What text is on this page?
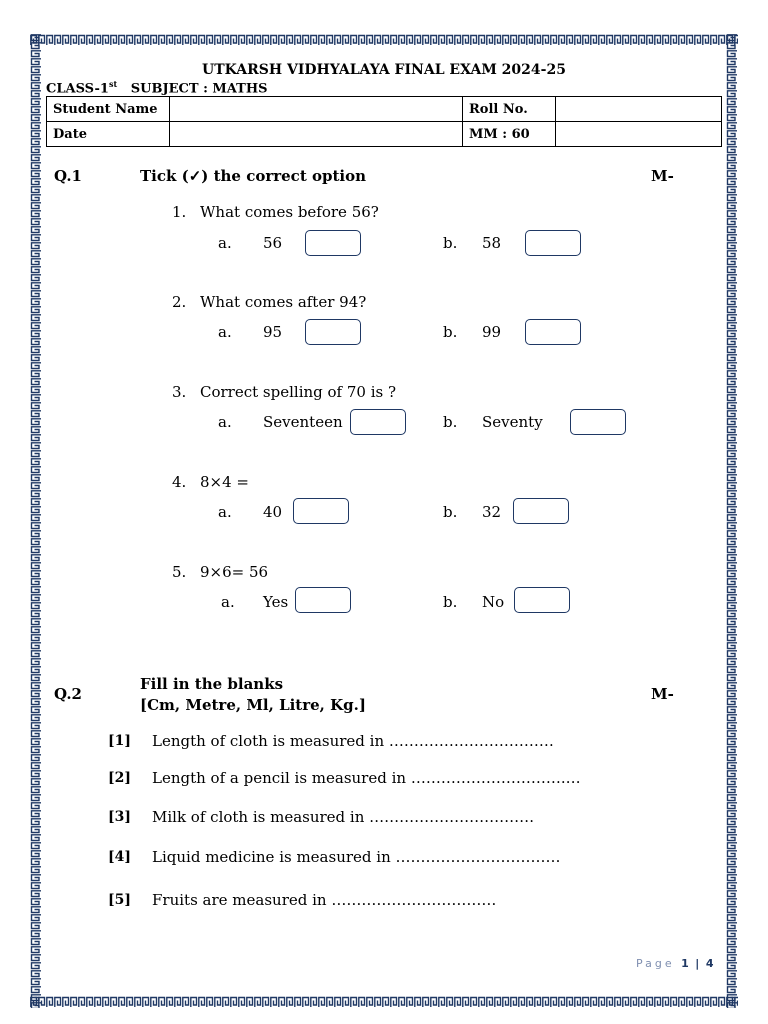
UTKARSH VIDHYALAYA FINAL EXAM 2024-25
CLASS-1st SUBJECT : MATHS
Student Name		Roll No.	
Date		MM : 60	
Q.1	Tick (✓) the correct option	M-
1. What comes before 56?
a. 56	b. 58
2. What comes after 94?
a. 95	b. 99
3. Correct spelling of 70 is ?
a. Seventeen	b. Seventy
4. 8×4 =
a. 40	b. 32
5. 9×6= 56
a. Yes	b. No
Q.2
Fill in the blanks
[Cm, Metre, Ml, Litre, Kg.]
M-
[1] Length of cloth is measured in ……………………………
[2] Length of a pencil is measured in ………………………….…
[3] Milk of cloth is measured in ……………………………
[4] Liquid medicine is measured in ……………………………
[5] Fruits are measured in ……………………………
Page 1 | 4
